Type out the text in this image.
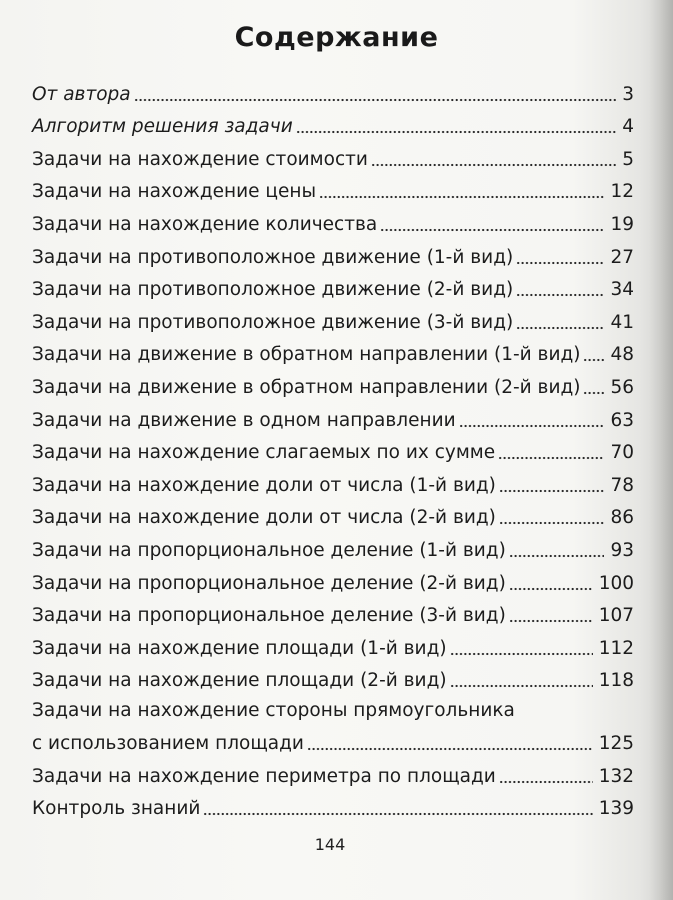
Содержание
От автора	3
Алгоритм решения задачи	4
Задачи на нахождение стоимости	5
Задачи на нахождение цены	12
Задачи на нахождение количества	19
Задачи на противоположное движение (1-й вид)	27
Задачи на противоположное движение (2-й вид)	34
Задачи на противоположное движение (3-й вид)	41
Задачи на движение в обратном направлении (1-й вид) 48
Задачи на движение в обратном направлении (2-й вид) 56
Задачи на движение в одном направлении	63
Задачи на нахождение слагаемых по их сумме	70
Задачи на нахождение доли от числа (1-й вид)	78
Задачи на нахождение доли от числа (2-й вид)	86
Задачи на пропорциональное деление (1-й вид)	93
Задачи на пропорциональное деление (2-й вид)	100
Задачи на пропорциональное деление (3-й вид)	107
Задачи на нахождение площади (1-й вид)	112
Задачи на нахождение площади (2-й вид)	118
Задачи на нахождение стороны прямоугольника
с использованием площади	125
Задачи на нахождение периметра по площади	132
Контроль знаний	139
144
